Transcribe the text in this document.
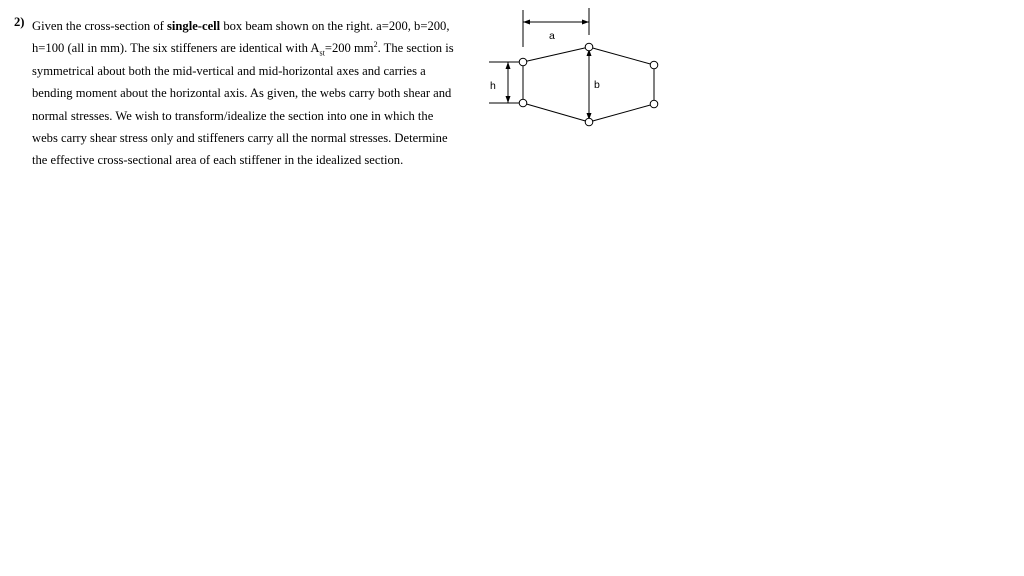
2) Given the cross-section of single-cell box beam shown on the right. a=200, b=200,
h=100 (all in mm). The six stiffeners are identical with $A_{st}=200$ $mm^2$. The section is
symmetrical about both the mid-vertical and mid-horizontal axes and carries a
bending moment about the horizontal axis. As given, the webs carry both shear and
normal stresses. We wish to transform/idealize the section into one in which the
webs carry shear stress only and stiffeners carry all the normal stresses. Determine
the effective cross-sectional area of each stiffener in the idealized section.
a
b
h
